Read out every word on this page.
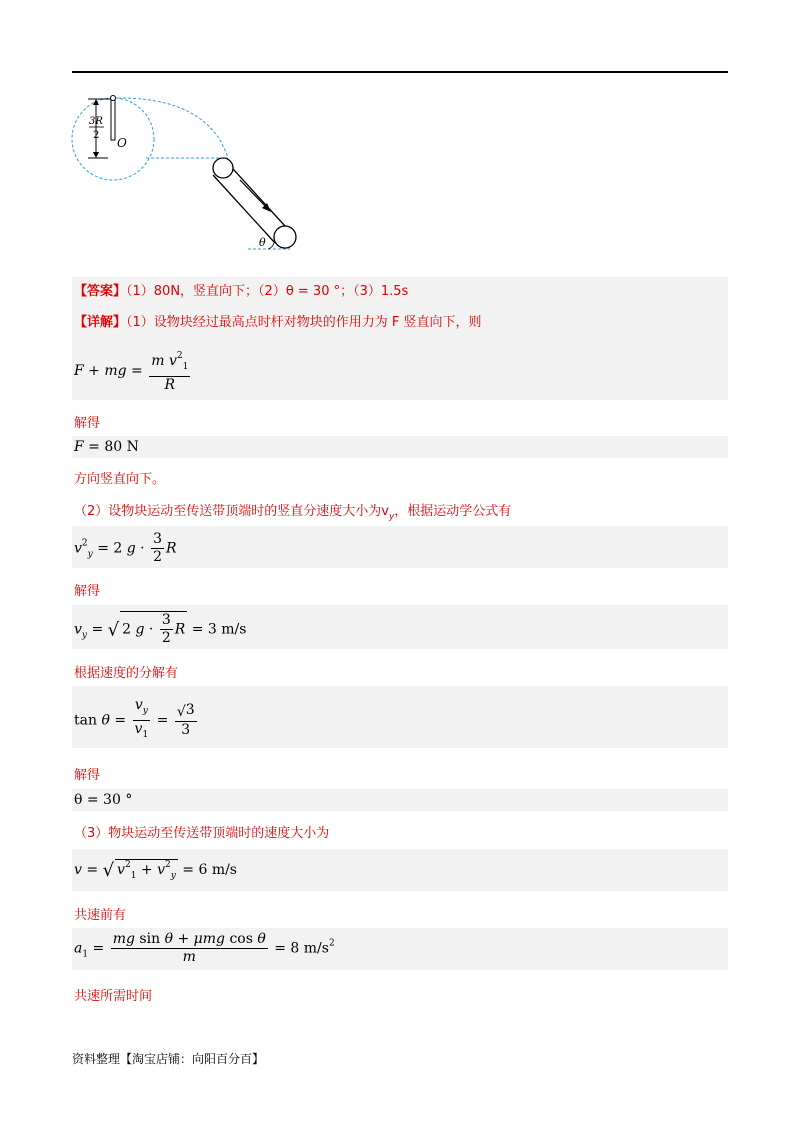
3R
2
O
θ
【答案】（1）80N，竖直向下；（2）θ = 30 °；（3）1.5s
【详解】（1）设物块经过最高点时杆对物块的作用力为 F 竖直向下，则
F + mg = $\frac{m v^2_1}{R}$
解得
F = 80 N
方向竖直向下。
（2）设物块运动至传送带顶端时的竖直分速度大小为$v_y$，根据运动学公式有
$v^2_y = 2$ $g \cdot \frac{3}{2}$ R
解得
$v_y$ = √ 2 $g \cdot \frac{3}{2}$ R = 3 m/s
根据速度的分解有
$\tan \theta = \frac{v_y}{v_1} = \frac{√3}{3}$
解得
θ = 30 °
（3）物块运动至传送带顶端时的速度大小为
v = √ $v^2_1 + v^2_y = 6$ m/s
共速前有
$a_1 = \frac{\text{mg sin θ + μmg cos θ}}{m} = 8$ $m/s^2$
共速所需时间
资料整理【淘宝店铺：向阳百分百】
